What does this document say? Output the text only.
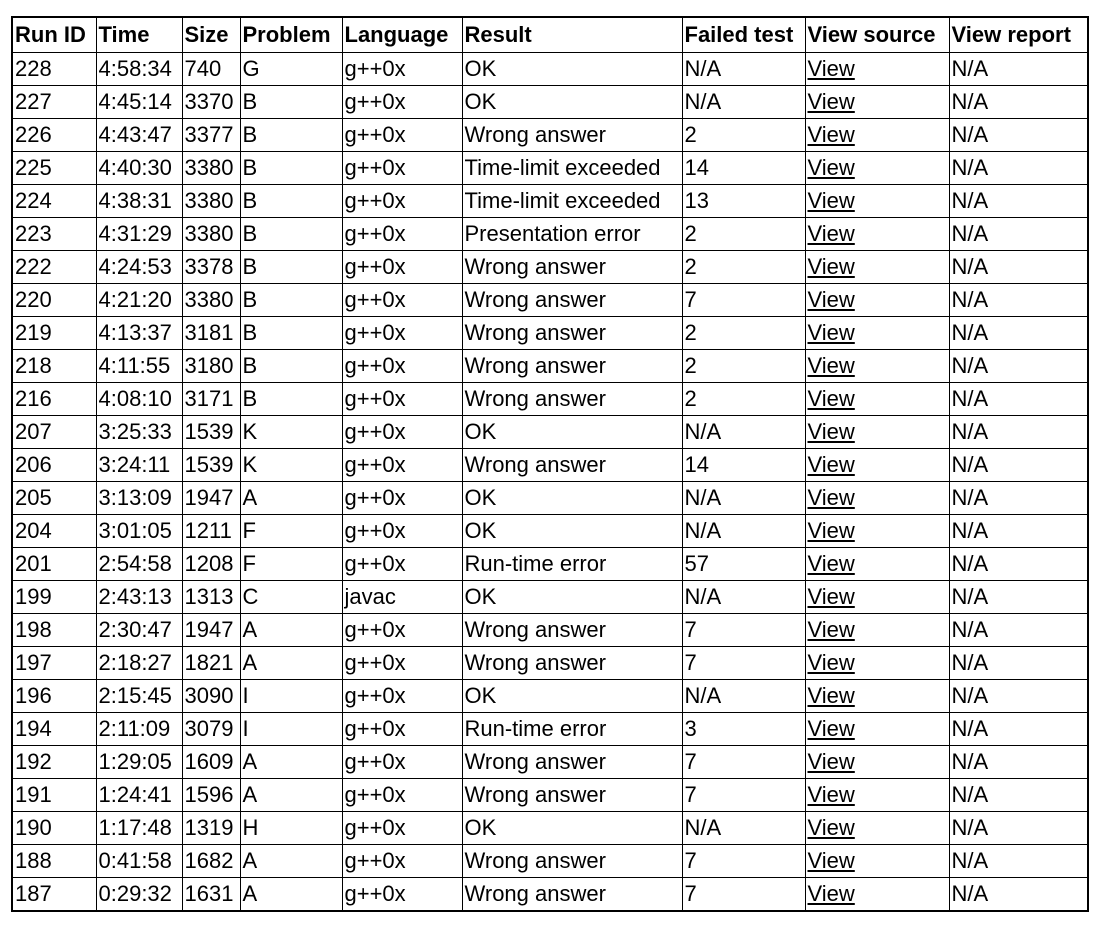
Run ID	Time	Size	Problem	Language	Result	Failed test	View source	View report
228	4:58:34	740	G	g++0x	OK	N/A	View	N/A
227	4:45:14	3370	B	g++0x	OK	N/A	View	N/A
226	4:43:47	3377	B	g++0x	Wrong answer	2	View	N/A
225	4:40:30	3380	B	g++0x	Time-limit exceeded	14	View	N/A
224	4:38:31	3380	B	g++0x	Time-limit exceeded	13	View	N/A
223	4:31:29	3380	B	g++0x	Presentation error	2	View	N/A
222	4:24:53	3378	B	g++0x	Wrong answer	2	View	N/A
220	4:21:20	3380	B	g++0x	Wrong answer	7	View	N/A
219	4:13:37	3181	B	g++0x	Wrong answer	2	View	N/A
218	4:11:55	3180	B	g++0x	Wrong answer	2	View	N/A
216	4:08:10	3171	B	g++0x	Wrong answer	2	View	N/A
207	3:25:33	1539	K	g++0x	OK	N/A	View	N/A
206	3:24:11	1539	K	g++0x	Wrong answer	14	View	N/A
205	3:13:09	1947	A	g++0x	OK	N/A	View	N/A
204	3:01:05	1211	F	g++0x	OK	N/A	View	N/A
201	2:54:58	1208	F	g++0x	Run-time error	57	View	N/A
199	2:43:13	1313	C	javac	OK	N/A	View	N/A
198	2:30:47	1947	A	g++0x	Wrong answer	7	View	N/A
197	2:18:27	1821	A	g++0x	Wrong answer	7	View	N/A
196	2:15:45	3090	I	g++0x	OK	N/A	View	N/A
194	2:11:09	3079	I	g++0x	Run-time error	3	View	N/A
192	1:29:05	1609	A	g++0x	Wrong answer	7	View	N/A
191	1:24:41	1596	A	g++0x	Wrong answer	7	View	N/A
190	1:17:48	1319	H	g++0x	OK	N/A	View	N/A
188	0:41:58	1682	A	g++0x	Wrong answer	7	View	N/A
187	0:29:32	1631	A	g++0x	Wrong answer	7	View	N/A
